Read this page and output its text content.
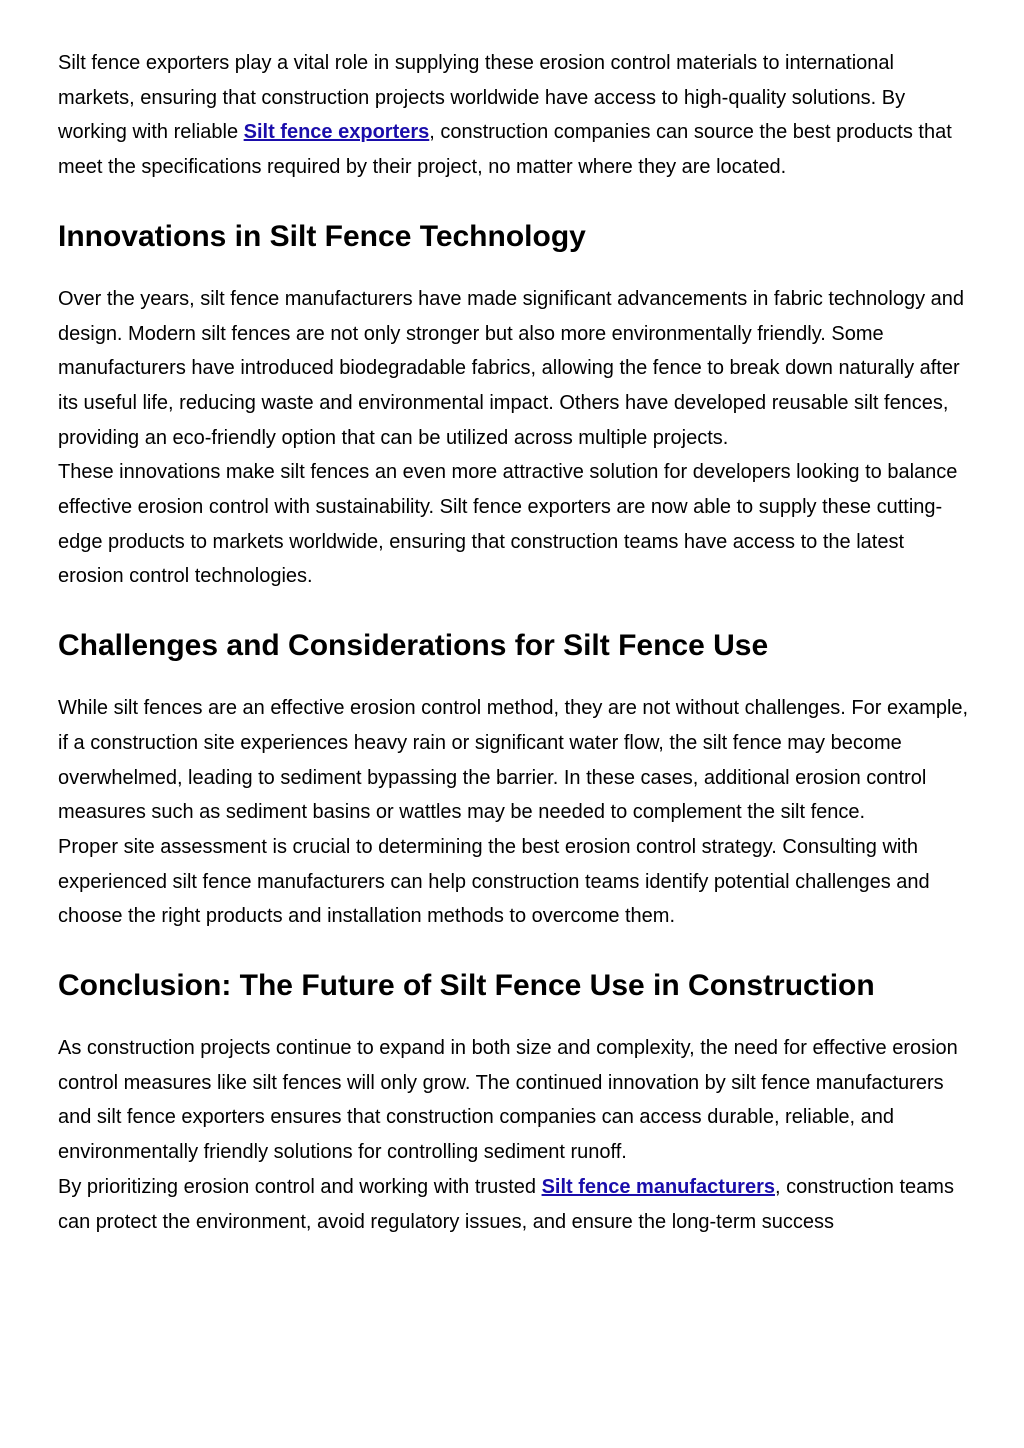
Silt fence exporters play a vital role in supplying these erosion control materials to international markets, ensuring that construction projects worldwide have access to high-quality solutions. By working with reliable Silt fence exporters, construction companies can source the best products that meet the specifications required by their project, no matter where they are located.

Innovations in Silt Fence Technology

Over the years, silt fence manufacturers have made significant advancements in fabric technology and design. Modern silt fences are not only stronger but also more environmentally friendly. Some manufacturers have introduced biodegradable fabrics, allowing the fence to break down naturally after its useful life, reducing waste and environmental impact. Others have developed reusable silt fences, providing an eco-friendly option that can be utilized across multiple projects.

These innovations make silt fences an even more attractive solution for developers looking to balance effective erosion control with sustainability. Silt fence exporters are now able to supply these cutting-edge products to markets worldwide, ensuring that construction teams have access to the latest erosion control technologies.

Challenges and Considerations for Silt Fence Use

While silt fences are an effective erosion control method, they are not without challenges. For example, if a construction site experiences heavy rain or significant water flow, the silt fence may become overwhelmed, leading to sediment bypassing the barrier. In these cases, additional erosion control measures such as sediment basins or wattles may be needed to complement the silt fence.

Proper site assessment is crucial to determining the best erosion control strategy. Consulting with experienced silt fence manufacturers can help construction teams identify potential challenges and choose the right products and installation methods to overcome them.

Conclusion: The Future of Silt Fence Use in Construction

As construction projects continue to expand in both size and complexity, the need for effective erosion control measures like silt fences will only grow. The continued innovation by silt fence manufacturers and silt fence exporters ensures that construction companies can access durable, reliable, and environmentally friendly solutions for controlling sediment runoff.

By prioritizing erosion control and working with trusted Silt fence manufacturers, construction teams can protect the environment, avoid regulatory issues, and ensure the long-term success
